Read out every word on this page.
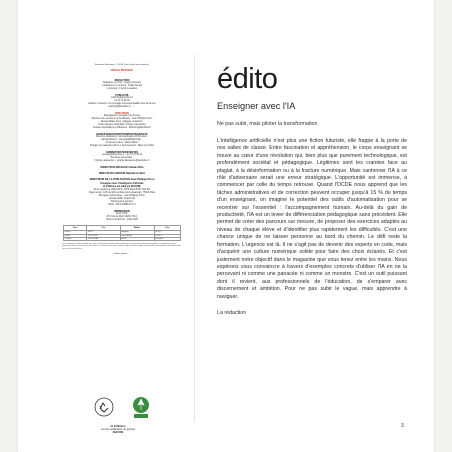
Fondation Ramadan... 75014 Paris (small print address)
CERCLE EDITORIAL
... ... ... ...
RÉDACTION
Rédacteur en chef : Grégory Ripoché
A participé à ce numéro : Sofian Nouira
Correcteur : Franck Levadoux
PUBLICITÉ
publicite@lavoixlive.fr
01 44 70 00 00
L'éditeur n'entend ni ne s'engage à la responsabilité des annonces.
publicite@lavoixlive.fr ... ...
DIFFUSION
Messageries Lyonnaises de Presse
Directeur des ventes et de la diffusion : Jean-Philippe Picon
Responsables titres, réglages, réassorts :
Louis-Jacques Chambard, Virginie Lalevaurice
Contact dépositaires et diffuseurs : diffusion@lavoixlive.fr
MARKETING/PROMOTION/PARTENARIATS
Directrice Marketing, Communication & Promotion :
Sandra Bouvet – secretariatdiffusion@...
Chefs de produit : Valérie Blison
Chargés de marketing direct et abonnements : Marie de Corbin
ADMINISTRATION/VENTES
comptes@lavoixlive.fr – 01 44 70 99 14
Directrice des achats :
Virginie Lalevaurice – virginie.lalevaurice@lavoixlive.fr
DIRECTEUR DÉLÉGUÉ Claude Olive
DIRECTEUR ASSOCIÉ Nathalie Gollarn
DIRECTEUR DE LA PUBLICATION Jean-Philippe Picon
Enseigner avec l'intelligence Artificielle
IA & Métiers est édité par DIACOM,
SA au capital de 1000 000 € • RCS Paris B 397 322 621
Siège social : 100 bis-110 rue Raymond Losserand • 75014 Paris
Principaux actionnaires : Jean-Philippe Picon,
Acropa SARL, Froplin SA
Dépôt légal à parution
ISSN : 978-2-08698-97-0-7
IMPRESSION
ELIA TOUL
25 Croix de Metz 54200 TOUL
Achevé d'imprimer : juillet 2025
Pays	Prix	Édition	Prix
France	9,90 €	Belgique	10,90 €
Suisse	15,90 CHF	Luxembourg	10,90 €
Canada	16,99 $CAN	Maroc	110 MAD
Toute reproduction, même partielle, des articles et illustrations publiés dans ce magazine est interdite sans autorisation préalable. Le magazine n'est pas responsable des documents qui lui sont confiés. Les indications de prix et d'adresses figurant dans les pages rédactionnelles sont données à titre d'information, sans aucun but publicitaire.
Crédits photos : ...
IA & Métiers
est une publication du groupe
DIACOM
édito
Enseigner avec l'IA
Ne pas subir, mais piloter la transformation
L'intelligence artificielle n'est plus une fiction futuriste, elle frappe à la porte de nos salles de classe. Entre fascination et appréhension, le corps enseignant se trouve au cœur d'une révolution qui, bien plus que purement technologique, est profondément sociétal et pédagogique. Légitimes sont les craintes face au plagiat, à la désinformation ou à la fracture numérique. Mais cantonner l'IA à ce rôle d'adversaire serait une erreur stratégique. L'opportunité est immense, à commencer par celle du temps retrouvé. Quand l'OCDE nous apprend que les tâches administratives et de correction peuvent occuper jusqu'à 15 % du temps d'un enseignant, on imagine le potentiel des outils d'automatisation pour se recentrer sur l'essentiel : l'accompagnement humain. Au-delà du gain de productivité, l'IA est un levier de différenciation pédagogique sans précédent. Elle permet de créer des parcours sur mesure, de proposer des exercices adaptés au niveau de chaque élève et d'identifier plus rapidement les difficultés. C'est une chance unique de ne laisser personne au bord du chemin. Le défi reste la formation. L'urgence est là. Il ne s'agit pas de devenir des experts en code, mais d'acquérir une culture numérique solide pour faire des choix éclairés. Et c'est justement notre objectif dans le magazine que vous tenez entre les mains. Nous espérons vous convaincre à travers d'exemples concrets d'utiliser l'IA en ne la percevant ni comme une panacée ni comme un monstre. C'est un outil puissant dont il revient, aux professionnels de l'éducation, de s'emparer avec discernement et ambition. Pour ne pas subir le vague, mais apprendre à naviguer.
La rédaction
3
